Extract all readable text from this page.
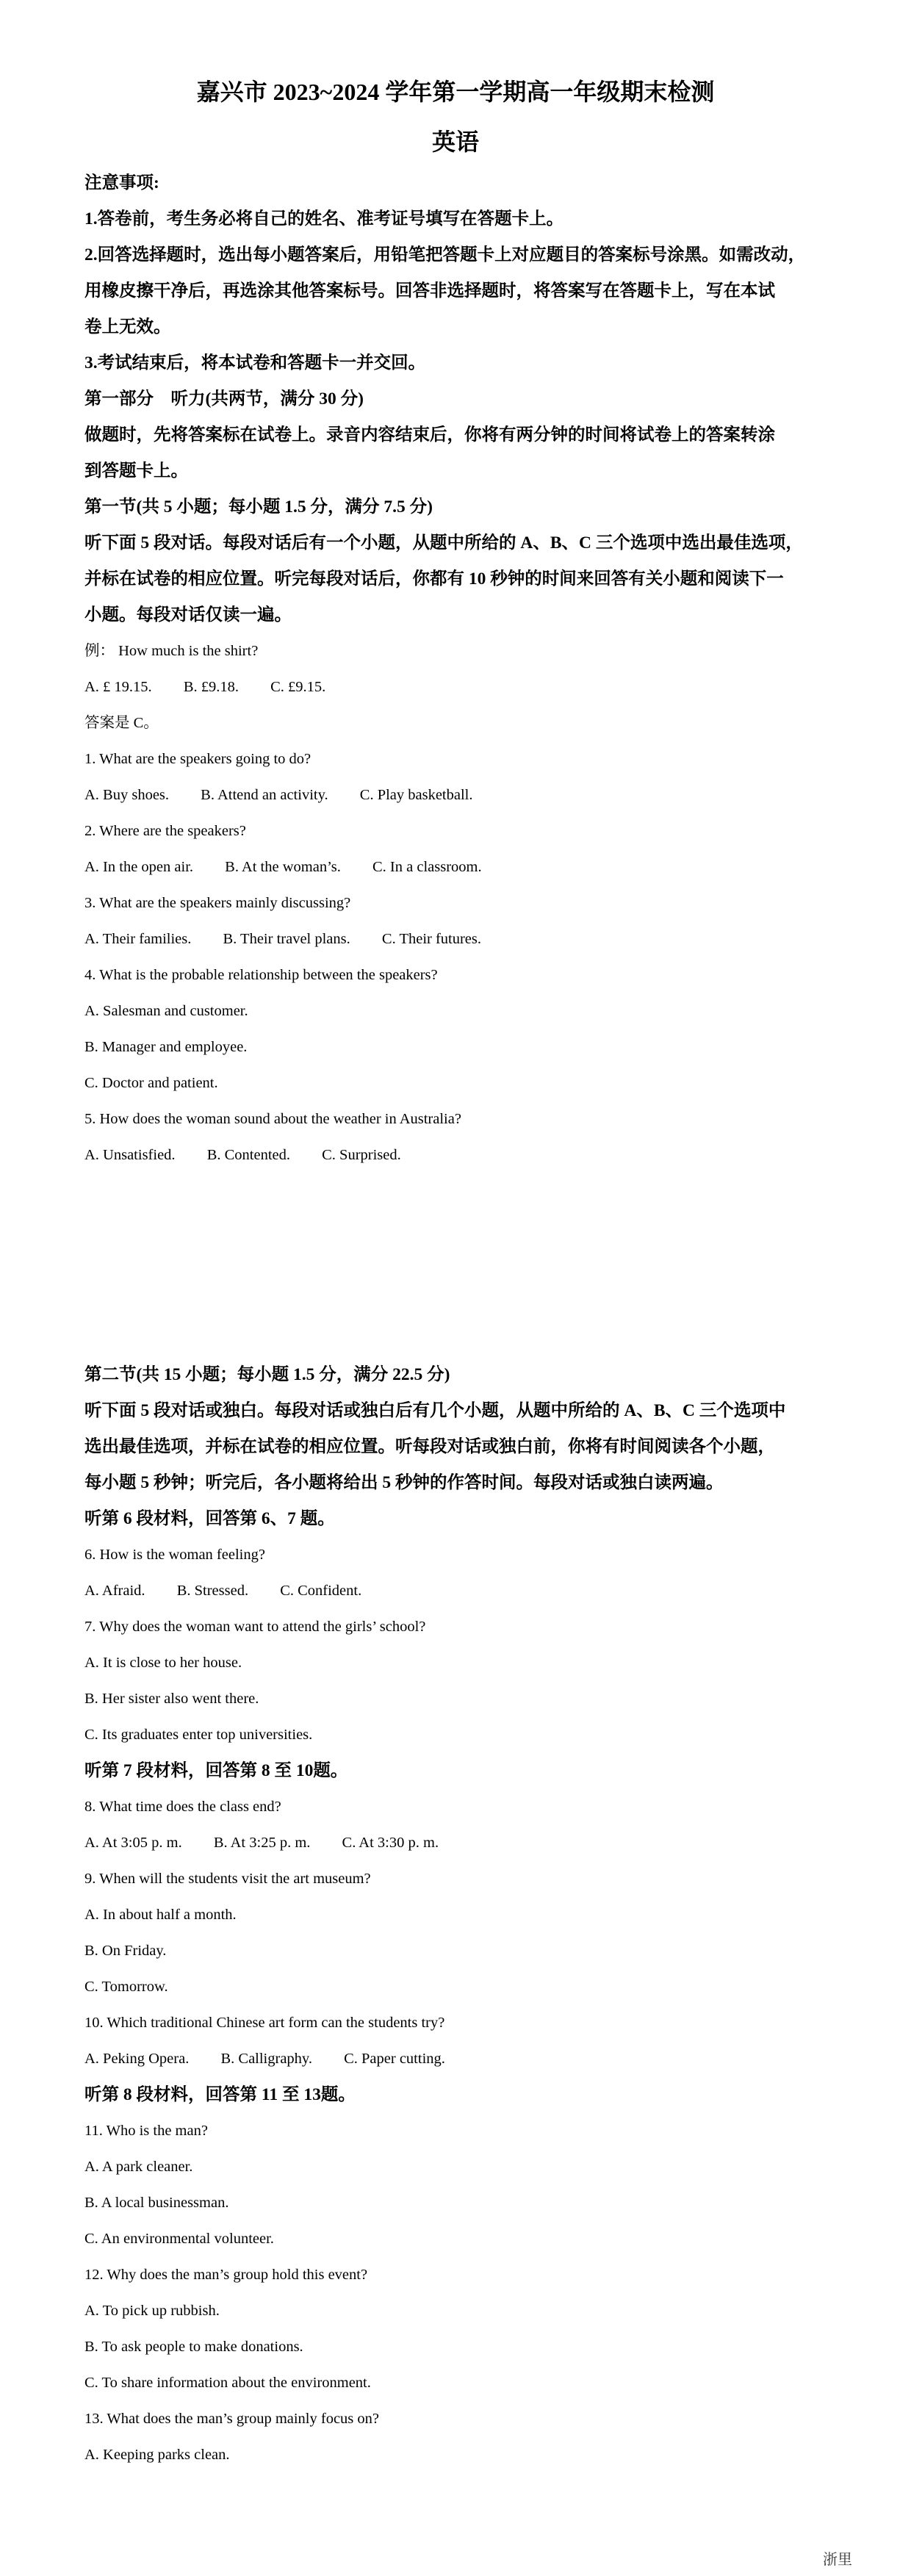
嘉兴市 2023~2024 学年第一学期高一年级期末检测
英语
注意事项:
1.答卷前，考生务必将自己的姓名、准考证号填写在答题卡上。
2.回答选择题时，选出每小题答案后，用铅笔把答题卡上对应题目的答案标号涂黑。如需改动，
用橡皮擦干净后，再选涂其他答案标号。回答非选择题时，将答案写在答题卡上，写在本试
卷上无效。
3.考试结束后，将本试卷和答题卡一并交回。
第一部分　听力(共两节，满分 30 分)
做题时，先将答案标在试卷上。录音内容结束后，你将有两分钟的时间将试卷上的答案转涂
到答题卡上。
第一节(共 5 小题；每小题 1.5 分，满分 7.5 分)
听下面 5 段对话。每段对话后有一个小题，从题中所给的 A、B、C 三个选项中选出最佳选项，
并标在试卷的相应位置。听完每段对话后，你都有 10 秒钟的时间来回答有关小题和阅读下一
小题。每段对话仅读一遍。
例： How much is the shirt?
A. £ 19.15. B. £9.18. C. £9.15.
答案是 C。
1. What are the speakers going to do?
A. Buy shoes. B. Attend an activity. C. Play basketball.
2. Where are the speakers?
A. In the open air. B. At the woman’s. C. In a classroom.
3. What are the speakers mainly discussing?
A. Their families. B. Their travel plans. C. Their futures.
4. What is the probable relationship between the speakers?
A. Salesman and customer.
B. Manager and employee.
C. Doctor and patient.
5. How does the woman sound about the weather in Australia?
A. Unsatisfied. B. Contented. C. Surprised.
第二节(共 15 小题；每小题 1.5 分，满分 22.5 分)
听下面 5 段对话或独白。每段对话或独白后有几个小题，从题中所给的 A、B、C 三个选项中
选出最佳选项，并标在试卷的相应位置。听每段对话或独白前，你将有时间阅读各个小题，
每小题 5 秒钟；听完后，各小题将给出 5 秒钟的作答时间。每段对话或独白读两遍。
听第 6 段材料，回答第 6、7 题。
6. How is the woman feeling?
A. Afraid. B. Stressed. C. Confident.
7. Why does the woman want to attend the girls’ school?
A. It is close to her house.
B. Her sister also went there.
C. Its graduates enter top universities.
听第 7 段材料，回答第 8 至 10题。
8. What time does the class end?
A. At 3:05 p. m. B. At 3:25 p. m. C. At 3:30 p. m.
9. When will the students visit the art museum?
A. In about half a month.
B. On Friday.
C. Tomorrow.
10. Which traditional Chinese art form can the students try?
A. Peking Opera. B. Calligraphy. C. Paper cutting.
听第 8 段材料，回答第 11 至 13题。
11. Who is the man?
A. A park cleaner.
B. A local businessman.
C. An environmental volunteer.
12. Why does the man’s group hold this event?
A. To pick up rubbish.
B. To ask people to make donations.
C. To share information about the environment.
13. What does the man’s group mainly focus on?
A. Keeping parks clean.
浙里
